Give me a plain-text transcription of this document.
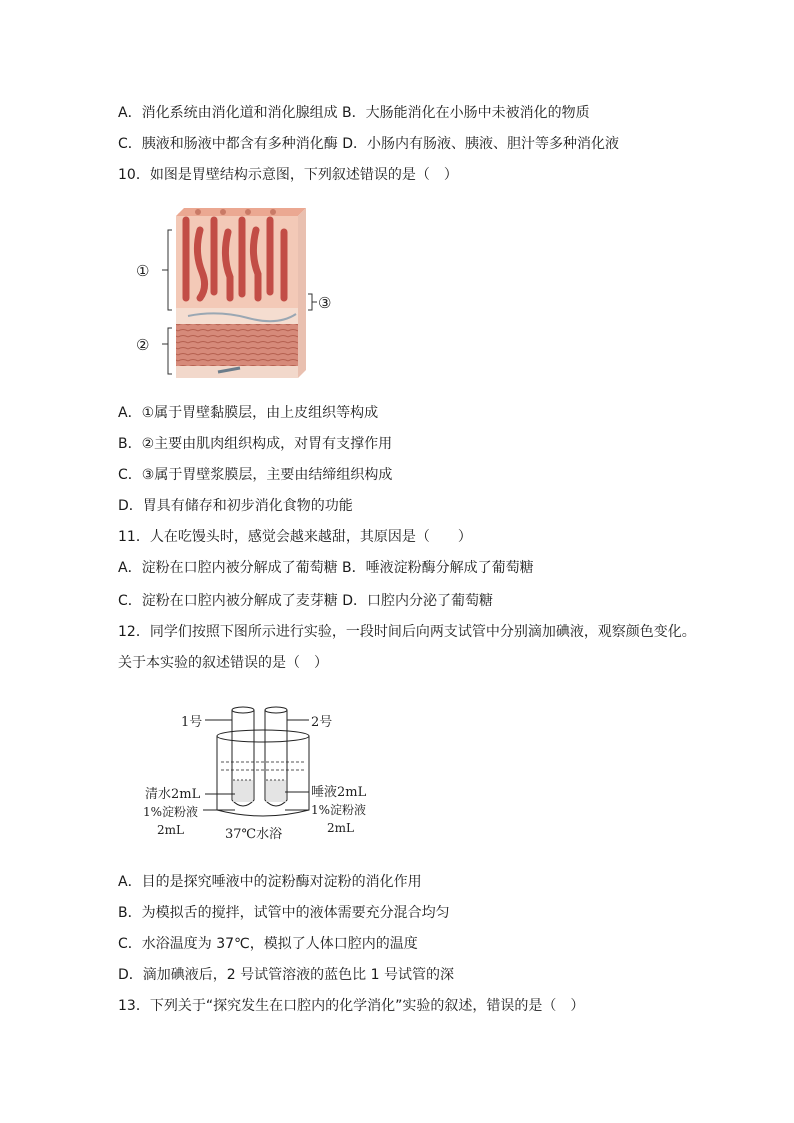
A．消化系统由消化道和消化腺组成 B．大肠能消化在小肠中未被消化的物质
C．胰液和肠液中都含有多种消化酶 D．小肠内有肠液、胰液、胆汁等多种消化液
10．如图是胃壁结构示意图，下列叙述错误的是（　）
①
②
③
A．①属于胃壁黏膜层，由上皮组织等构成
B．②主要由肌肉组织构成，对胃有支撑作用
C．③属于胃壁浆膜层，主要由结缔组织构成
D．胃具有储存和初步消化食物的功能
11．人在吃馒头时，感觉会越来越甜，其原因是（　　）
A．淀粉在口腔内被分解成了葡萄糖 B．唾液淀粉酶分解成了葡萄糖
C．淀粉在口腔内被分解成了麦芽糖 D．口腔内分泌了葡萄糖
12．同学们按照下图所示进行实验，一段时间后向两支试管中分别滴加碘液，观察颜色变化。
关于本实验的叙述错误的是（　）
1号	2号
清水2mL
1%淀粉液
2mL
唾液2mL
1%淀粉液
2mL
37℃水浴
A．目的是探究唾液中的淀粉酶对淀粉的消化作用
B．为模拟舌的搅拌，试管中的液体需要充分混合均匀
C．水浴温度为 37℃，模拟了人体口腔内的温度
D．滴加碘液后，2 号试管溶液的蓝色比 1 号试管的深
13．下列关于“探究发生在口腔内的化学消化”实验的叙述，错误的是（　）
